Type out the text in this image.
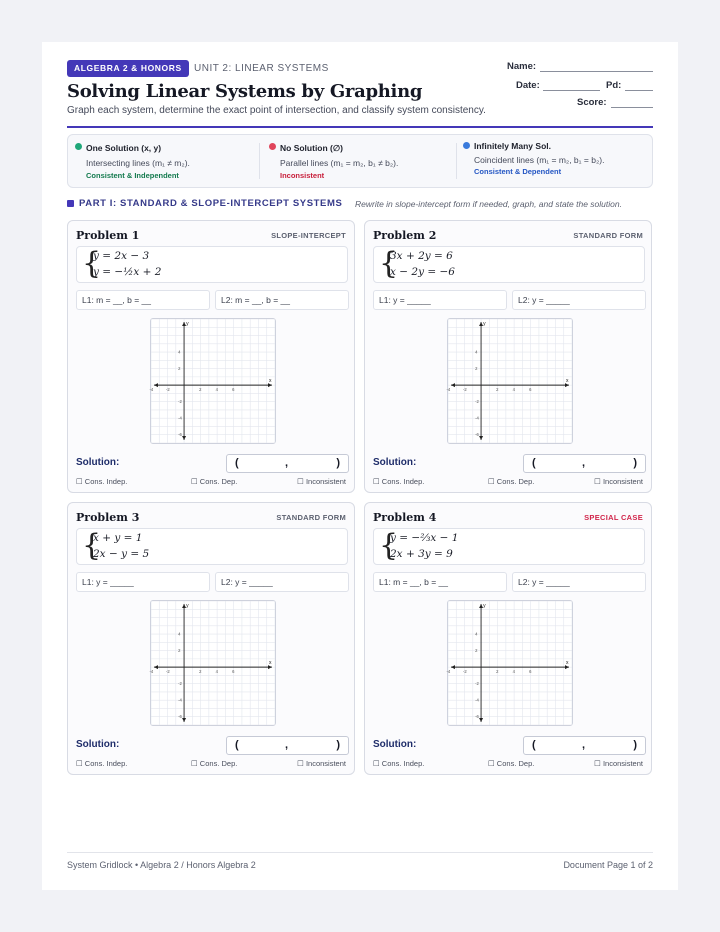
ALGEBRA 2 & HONORS	UNIT 2: LINEAR SYSTEMS
Solving Linear Systems by Graphing
Graph each system, determine the exact point of intersection, and classify system consistency.
Name:
Date:	Pd:
Score:
One Solution (x, y)
Intersecting lines (m₁ ≠ m₂).
Consistent & Independent
No Solution (∅)
Parallel lines (m₁ = m₂, b₁ ≠ b₂).
Inconsistent
Infinitely Many Sol.
Coincident lines (m₁ = m₂, b₁ = b₂).
Consistent & Dependent
PART I: STANDARD & SLOPE-INTERCEPT SYSTEMS Rewrite in slope-intercept form if needed, graph, and state the solution.
Problem 1	SLOPE-INTERCEPT
{
y = 2x − 3
y = −½x + 2
L1: m = __, b = __	L2: m = __, b = __
x
y
-4	-2	2	4	6
4
2
-2
-4
-6
Solution:	(	,	)
☐ Cons. Indep.	☐ Cons. Dep.	☐ Inconsistent
Problem 2	STANDARD FORM
{
3x + 2y = 6
x − 2y = −6
L1: y = _____	L2: y = _____
x
y
-4	-2	2	4	6
4
2
-2
-4
-6
Solution:	(	,	)
☐ Cons. Indep.	☐ Cons. Dep.	☐ Inconsistent
Problem 3	STANDARD FORM
{
x + y = 1
2x − y = 5
L1: y = _____	L2: y = _____
x
y
-4	-2	2	4	6
4
2
-2
-4
-6
Solution:	(	,	)
☐ Cons. Indep.	☐ Cons. Dep.	☐ Inconsistent
Problem 4	SPECIAL CASE
{
y = −⅔x − 1
2x + 3y = 9
L1: m = __, b = __	L2: y = _____
x
y
-4	-2	2	4	6
4
2
-2
-4
-6
Solution:	(	,	)
☐ Cons. Indep.	☐ Cons. Dep.	☐ Inconsistent
System Gridlock • Algebra 2 / Honors Algebra 2	Document Page 1 of 2
